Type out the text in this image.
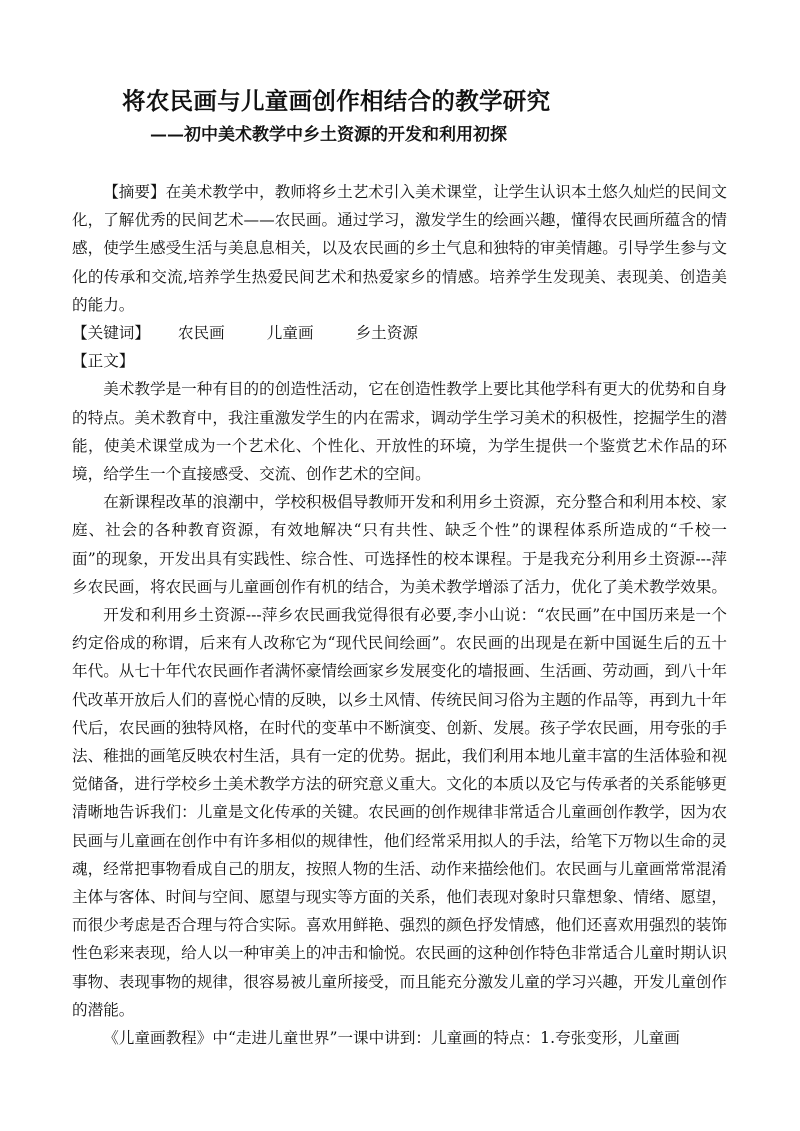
将农民画与儿童画创作相结合的教学研究
——初中美术教学中乡土资源的开发和利用初探

【摘要】在美术教学中，教师将乡土艺术引入美术课堂，让学生认识本土悠久灿烂的民间文化，了解优秀的民间艺术——农民画。通过学习，激发学生的绘画兴趣，懂得农民画所蕴含的情感，使学生感受生活与美息息相关，以及农民画的乡土气息和独特的审美情趣。引导学生参与文化的传承和交流,培养学生热爱民间艺术和热爱家乡的情感。培养学生发现美、表现美、创造美的能力。

【关键词】 农民画	儿童画	乡土资源

【正文】

美术教学是一种有目的的创造性活动，它在创造性教学上要比其他学科有更大的优势和自身的特点。美术教育中，我注重激发学生的内在需求，调动学生学习美术的积极性，挖掘学生的潜能，使美术课堂成为一个艺术化、个性化、开放性的环境，为学生提供一个鉴赏艺术作品的环境，给学生一个直接感受、交流、创作艺术的空间。

在新课程改革的浪潮中，学校积极倡导教师开发和利用乡土资源，充分整合和利用本校、家庭、社会的各种教育资源，有效地解决“只有共性、缺乏个性”的课程体系所造成的“千校一面”的现象，开发出具有实践性、综合性、可选择性的校本课程。于是我充分利用乡土资源---萍乡农民画，将农民画与儿童画创作有机的结合，为美术教学增添了活力，优化了美术教学效果。

开发和利用乡土资源---萍乡农民画我觉得很有必要,李小山说：“农民画”在中国历来是一个约定俗成的称谓，后来有人改称它为“现代民间绘画”。农民画的出现是在新中国诞生后的五十年代。从七十年代农民画作者满怀豪情绘画家乡发展变化的墙报画、生活画、劳动画，到八十年代改革开放后人们的喜悦心情的反映，以乡土风情、传统民间习俗为主题的作品等，再到九十年代后，农民画的独特风格，在时代的变革中不断演变、创新、发展。孩子学农民画，用夸张的手法、稚拙的画笔反映农村生活，具有一定的优势。据此，我们利用本地儿童丰富的生活体验和视觉储备，进行学校乡土美术教学方法的研究意义重大。文化的本质以及它与传承者的关系能够更清晰地告诉我们：儿童是文化传承的关键。农民画的创作规律非常适合儿童画创作教学，因为农民画与儿童画在创作中有许多相似的规律性，他们经常采用拟人的手法，给笔下万物以生命的灵魂，经常把事物看成自己的朋友，按照人物的生活、动作来描绘他们。农民画与儿童画常常混淆主体与客体、时间与空间、愿望与现实等方面的关系，他们表现对象时只靠想象、情绪、愿望，而很少考虑是否合理与符合实际。喜欢用鲜艳、强烈的颜色抒发情感，他们还喜欢用强烈的装饰性色彩来表现，给人以一种审美上的冲击和愉悦。农民画的这种创作特色非常适合儿童时期认识事物、表现事物的规律，很容易被儿童所接受，而且能充分激发儿童的学习兴趣，开发儿童创作的潜能。

《儿童画教程》中“走进儿童世界”一课中讲到：儿童画的特点：1.夸张变形，儿童画
